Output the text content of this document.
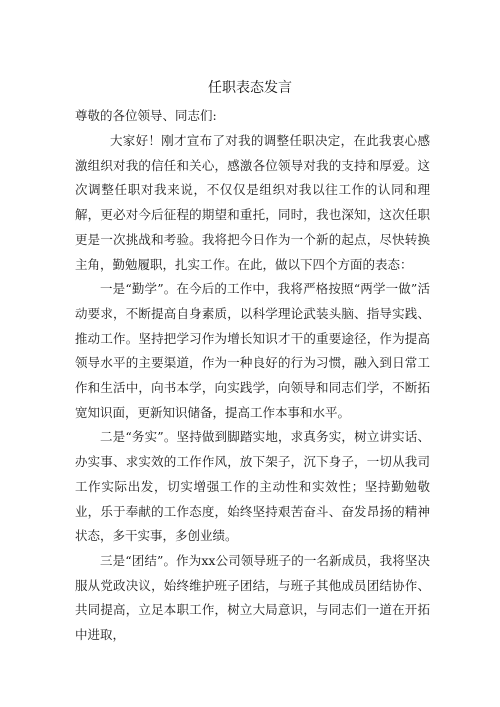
任职表态发言
尊敬的各位领导、同志们:

大家好！刚才宣布了对我的调整任职决定，在此我衷心感激组织对我的信任和关心，感激各位领导对我的支持和厚爱。这次调整任职对我来说，不仅仅是组织对我以往工作的认同和理解，更必对今后征程的期望和重托，同时，我也深知，这次任职更是一次挑战和考验。我将把今日作为一个新的起点，尽快转换主角，勤勉履职，扎实工作。在此，做以下四个方面的表态：

一是“勤学”。在今后的工作中，我将严格按照“两学一做”活动要求，不断提高自身素质，以科学理论武装头脑、指导实践、推动工作。坚持把学习作为增长知识才干的重要途径，作为提高领导水平的主要渠道，作为一种良好的行为习惯，融入到日常工作和生活中，向书本学，向实践学，向领导和同志们学，不断拓宽知识面，更新知识储备，提高工作本事和水平。

二是“务实”。坚持做到脚踏实地，求真务实，树立讲实话、办实事、求实效的工作作风，放下架子，沉下身子，一切从我司工作实际出发，切实增强工作的主动性和实效性；坚持勤勉敬业，乐于奉献的工作态度，始终坚持艰苦奋斗、奋发昂扬的精神状态，多干实事，多创业绩。

三是“团结”。作为xx公司领导班子的一名新成员，我将坚决服从党政决议，始终维护班子团结，与班子其他成员团结协作、共同提高，立足本职工作，树立大局意识，与同志们一道在开拓中进取，
